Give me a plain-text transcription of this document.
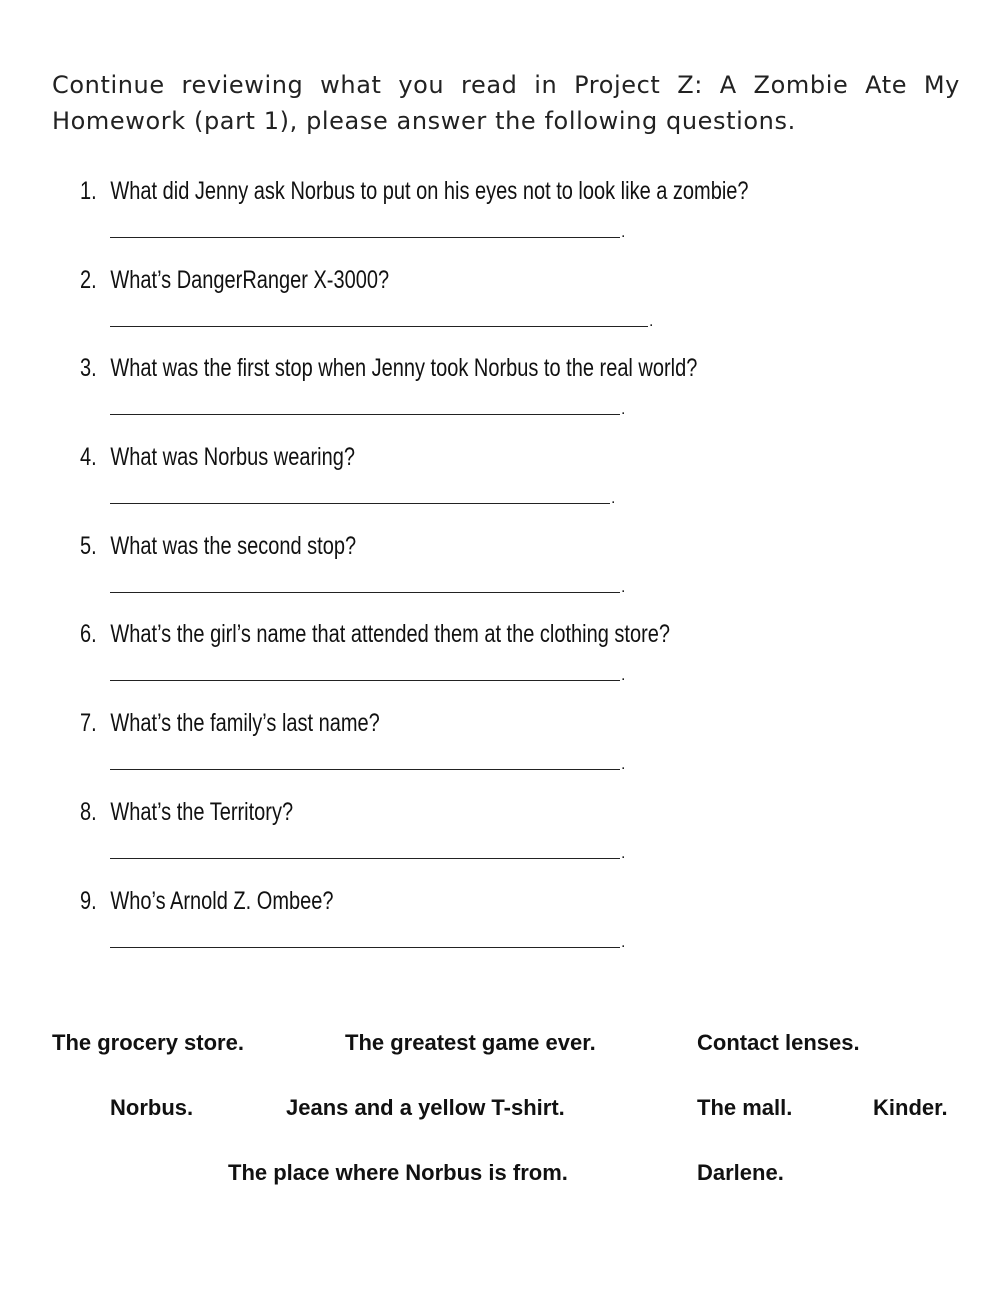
Continue reviewing what you read in Project Z: A Zombie Ate My Homework (part 1), please answer the following questions.

1. What did Jenny ask Norbus to put on his eyes not to look like a zombie?
.
2. What’s DangerRanger X-3000?
.
3. What was the first stop when Jenny took Norbus to the real world?
.
4. What was Norbus wearing?
.
5. What was the second stop?
.
6. What’s the girl’s name that attended them at the clothing store?
.
7. What’s the family’s last name?
.
8. What’s the Territory?
.
9. Who’s Arnold Z. Ombee?
.
The grocery store.	The greatest game ever.	Contact lenses.
Norbus.	Jeans and a yellow T-shirt.	The mall.	Kinder.
The place where Norbus is from.	Darlene.
